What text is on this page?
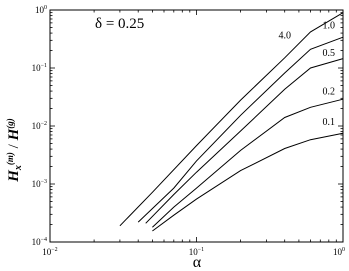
δ = 0.25
α
Hx(m) / H(g)
$10^{-2}$	$10^{-1}$	$10^0$
$10^{-4}$
$10^{-3}$
$10^{-2}$
$10^{-1}$
$10^0$
4.0
1.0
0.5
0.2
0.1
